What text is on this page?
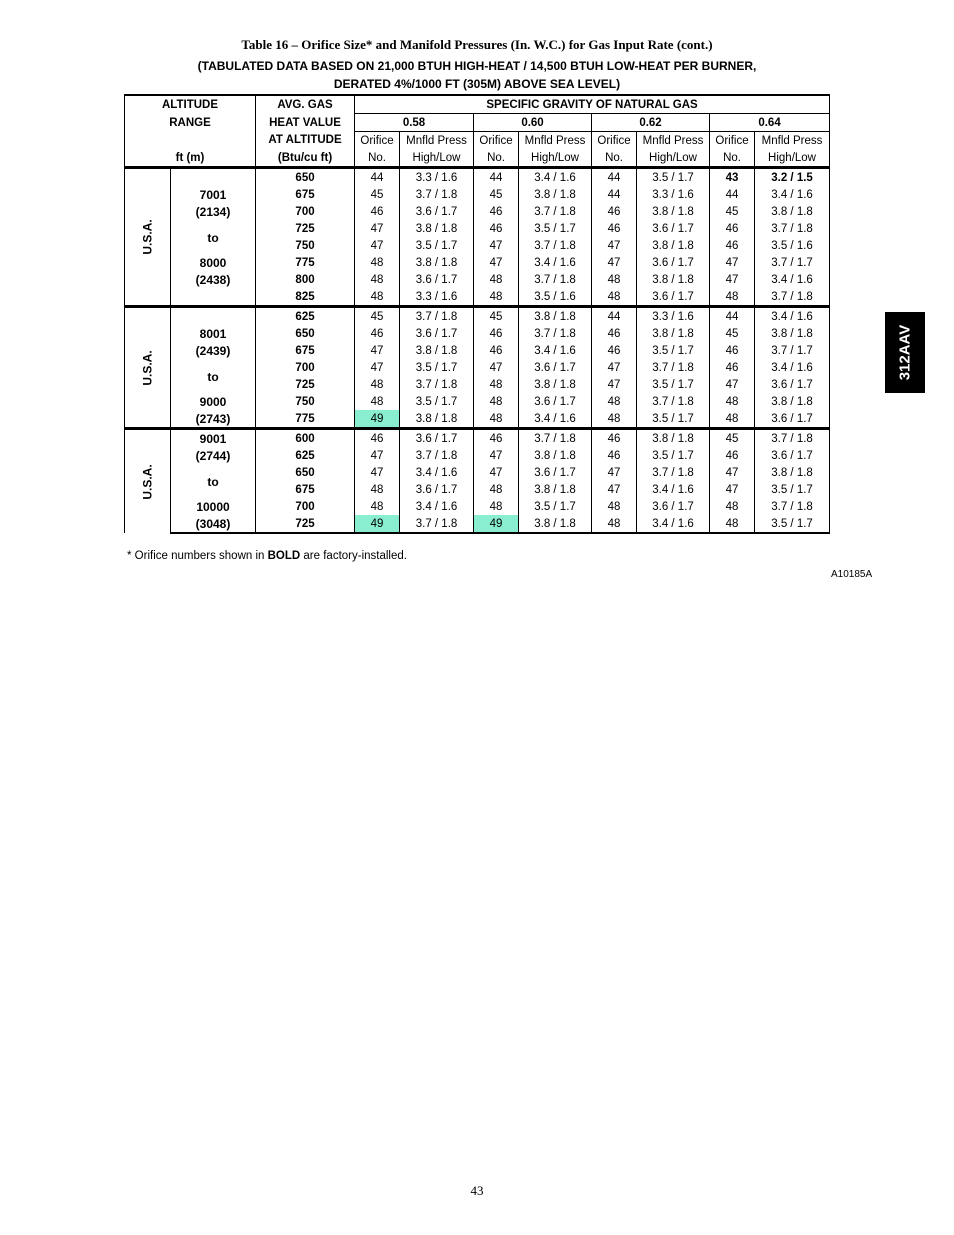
Table 16 – Orifice Size* and Manifold Pressures (In. W.C.) for Gas Input Rate (cont.)
(TABULATED DATA BASED ON 21,000 BTUH HIGH-HEAT / 14,500 BTUH LOW-HEAT PER BURNER,
DERATED 4%/1000 FT (305M) ABOVE SEA LEVEL)
ALTITUDE		AVG. GAS	SPECIFIC GRAVITY OF NATURAL GAS							
RANGE		HEAT VALUE	0.58		0.60		0.62		0.64	
		AT ALTITUDE	Orifice	Mnfld Press	Orifice	Mnfld Press	Orifice	Mnfld Press	Orifice	Mnfld Press
ft (m)		(Btu/cu ft)	No.	High/Low	No.	High/Low	No.	High/Low	No.	High/Low
U.S.A.		650	44	3.3 / 1.6	44	3.4 / 1.6	44	3.5 / 1.7	43	3.2 / 1.5

	7001	675	45	3.7 / 1.8	45	3.8 / 1.8	44	3.3 / 1.6	44	3.4 / 1.6

	(2134)	700	46	3.6 / 1.7	46	3.7 / 1.8	46	3.8 / 1.8	45	3.8 / 1.8

	to	725	47	3.8 / 1.8	46	3.5 / 1.7	46	3.6 / 1.7	46	3.7 / 1.8
		750	47	3.5 / 1.7	47	3.7 / 1.8	47	3.8 / 1.8	46	3.5 / 1.6

	8000	775	48	3.8 / 1.8	47	3.4 / 1.6	47	3.6 / 1.7	47	3.7 / 1.7

	(2438)	800	48	3.6 / 1.7	48	3.7 / 1.8	48	3.8 / 1.8	47	3.4 / 1.6
		825	48	3.3 / 1.6	48	3.5 / 1.6	48	3.6 / 1.7	48	3.7 / 1.8
U.S.A.		625	45	3.7 / 1.8	45	3.8 / 1.8	44	3.3 / 1.6	44	3.4 / 1.6

	8001	650	46	3.6 / 1.7	46	3.7 / 1.8	46	3.8 / 1.8	45	3.8 / 1.8

	(2439)	675	47	3.8 / 1.8	46	3.4 / 1.6	46	3.5 / 1.7	46	3.7 / 1.7

	to	700	47	3.5 / 1.7	47	3.6 / 1.7	47	3.7 / 1.8	46	3.4 / 1.6
		725	48	3.7 / 1.8	48	3.8 / 1.8	47	3.5 / 1.7	47	3.6 / 1.7

	9000	750	48	3.5 / 1.7	48	3.6 / 1.7	48	3.7 / 1.8	48	3.8 / 1.8

	(2743)	775	49	3.8 / 1.8	48	3.4 / 1.6	48	3.5 / 1.7	48	3.6 / 1.7
U.S.A.	9001	600	46	3.6 / 1.7	46	3.7 / 1.8	46	3.8 / 1.8	45	3.7 / 1.8

	(2744)	625	47	3.7 / 1.8	47	3.8 / 1.8	46	3.5 / 1.7	46	3.6 / 1.7

	to	650	47	3.4 / 1.6	47	3.6 / 1.7	47	3.7 / 1.8	47	3.8 / 1.8
		675	48	3.6 / 1.7	48	3.8 / 1.8	47	3.4 / 1.6	47	3.5 / 1.7

	10000	700	48	3.4 / 1.6	48	3.5 / 1.7	48	3.6 / 1.7	48	3.7 / 1.8

	(3048)	725	49	3.7 / 1.8	49	3.8 / 1.8	48	3.4 / 1.6	48	3.5 / 1.7
* Orifice numbers shown in BOLD are factory-installed.
A10185A
312AAV
43
